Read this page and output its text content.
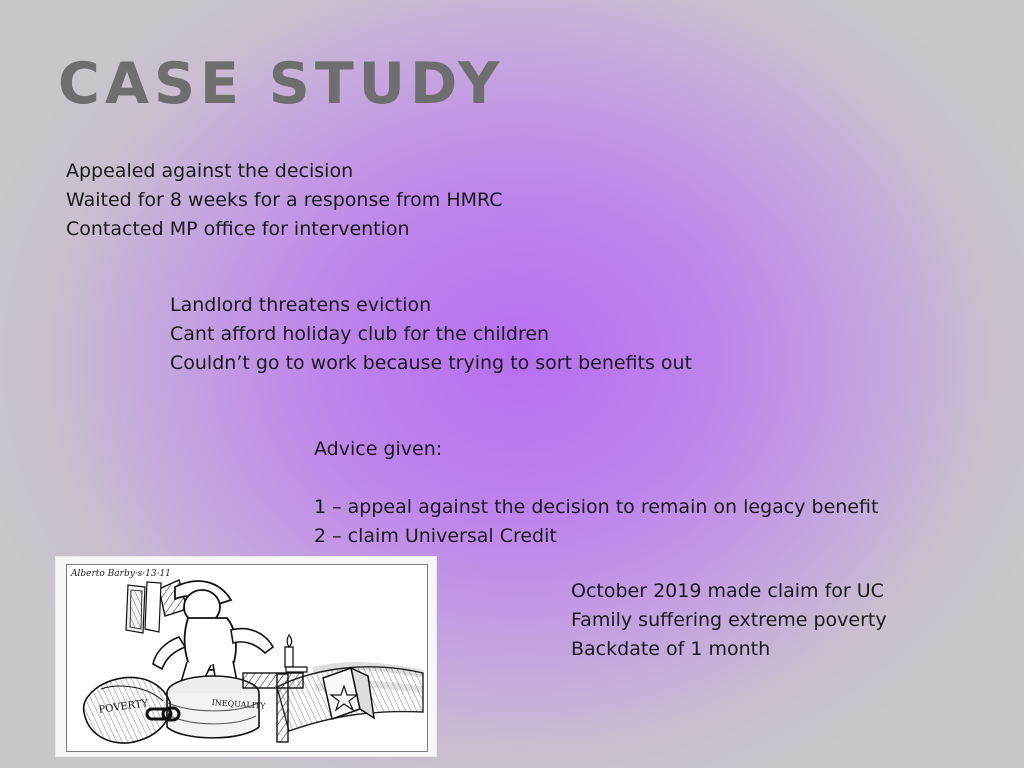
CASE STUDY
Appealed against the decision
Waited for 8 weeks for a response from HMRC
Contacted MP office for intervention
Landlord threatens eviction
Cant afford holiday club for the children
Couldn’t go to work because trying to sort benefits out
Advice given:
1 – appeal against the decision to remain on legacy benefit
2 – claim Universal Credit
October 2019 made claim for UC
Family suffering extreme poverty
Backdate of 1 month
Alberto Barby·s·13·11
POVERTY	INEQUALITY
